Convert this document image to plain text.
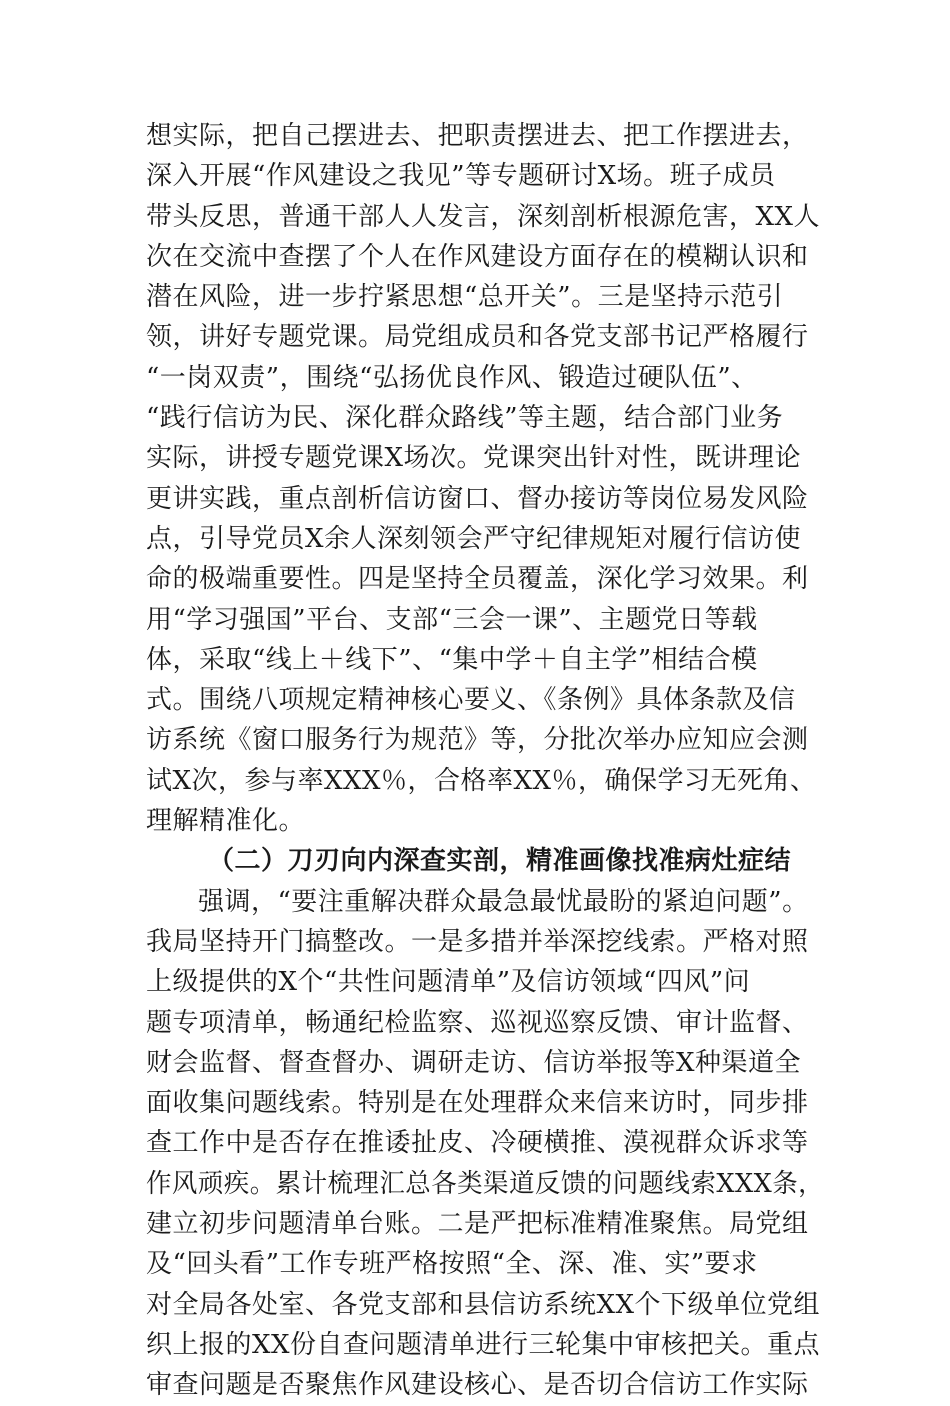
想实际，把自己摆进去、把职责摆进去、把工作摆进去，
深入开展“作风建设之我见”等专题研讨X场。班子成员
带头反思，普通干部人人发言，深刻剖析根源危害，XX人
次在交流中查摆了个人在作风建设方面存在的模糊认识和
潜在风险，进一步拧紧思想“总开关”。三是坚持示范引
领，讲好专题党课。局党组成员和各党支部书记严格履行
“一岗双责”，围绕“弘扬优良作风、锻造过硬队伍”、
“践行信访为民、深化群众路线”等主题，结合部门业务
实际，讲授专题党课X场次。党课突出针对性，既讲理论
更讲实践，重点剖析信访窗口、督办接访等岗位易发风险
点，引导党员X余人深刻领会严守纪律规矩对履行信访使
命的极端重要性。四是坚持全员覆盖，深化学习效果。利
用“学习强国”平台、支部“三会一课”、主题党日等载
体，采取“线上＋线下”、“集中学＋自主学”相结合模
式。围绕八项规定精神核心要义、《条例》具体条款及信
访系统《窗口服务行为规范》等，分批次举办应知应会测
试X次，参与率XXX％，合格率XX％，确保学习无死角、
理解精准化。
（二）刀刃向内深查实剖，精准画像找准病灶症结
强调，“要注重解决群众最急最忧最盼的紧迫问题”。
我局坚持开门搞整改。一是多措并举深挖线索。严格对照
上级提供的X个“共性问题清单”及信访领域“四风”问
题专项清单，畅通纪检监察、巡视巡察反馈、审计监督、
财会监督、督查督办、调研走访、信访举报等X种渠道全
面收集问题线索。特别是在处理群众来信来访时，同步排
查工作中是否存在推诿扯皮、冷硬横推、漠视群众诉求等
作风顽疾。累计梳理汇总各类渠道反馈的问题线索XXX条，
建立初步问题清单台账。二是严把标准精准聚焦。局党组
及“回头看”工作专班严格按照“全、深、准、实”要求
对全局各处室、各党支部和县信访系统XX个下级单位党组
织上报的XX份自查问题清单进行三轮集中审核把关。重点
审查问题是否聚焦作风建设核心、是否切合信访工作实际
